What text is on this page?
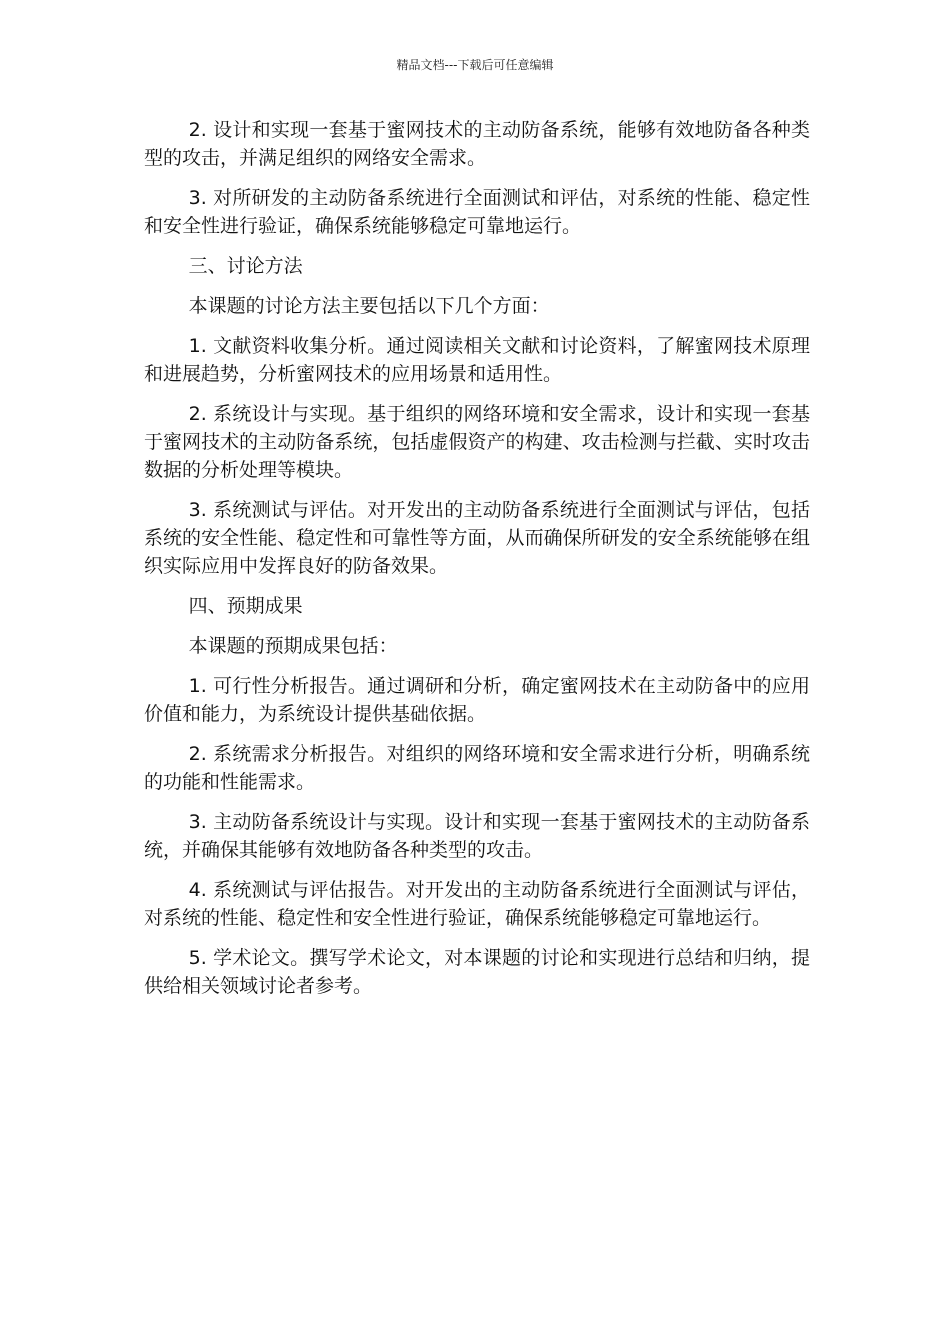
精品文档---下载后可任意编辑

2. 设计和实现一套基于蜜网技术的主动防备系统，能够有效地防备各种类型的攻击，并满足组织的网络安全需求。

3. 对所研发的主动防备系统进行全面测试和评估，对系统的性能、稳定性和安全性进行验证，确保系统能够稳定可靠地运行。

三、讨论方法

本课题的讨论方法主要包括以下几个方面：

1. 文献资料收集分析。通过阅读相关文献和讨论资料，了解蜜网技术原理和进展趋势，分析蜜网技术的应用场景和适用性。

2. 系统设计与实现。基于组织的网络环境和安全需求，设计和实现一套基于蜜网技术的主动防备系统，包括虚假资产的构建、攻击检测与拦截、实时攻击数据的分析处理等模块。

3. 系统测试与评估。对开发出的主动防备系统进行全面测试与评估，包括系统的安全性能、稳定性和可靠性等方面，从而确保所研发的安全系统能够在组织实际应用中发挥良好的防备效果。

四、预期成果

本课题的预期成果包括：

1. 可行性分析报告。通过调研和分析，确定蜜网技术在主动防备中的应用价值和能力，为系统设计提供基础依据。

2. 系统需求分析报告。对组织的网络环境和安全需求进行分析，明确系统的功能和性能需求。

3. 主动防备系统设计与实现。设计和实现一套基于蜜网技术的主动防备系统，并确保其能够有效地防备各种类型的攻击。

4. 系统测试与评估报告。对开发出的主动防备系统进行全面测试与评估，对系统的性能、稳定性和安全性进行验证，确保系统能够稳定可靠地运行。

5. 学术论文。撰写学术论文，对本课题的讨论和实现进行总结和归纳，提供给相关领域讨论者参考。
